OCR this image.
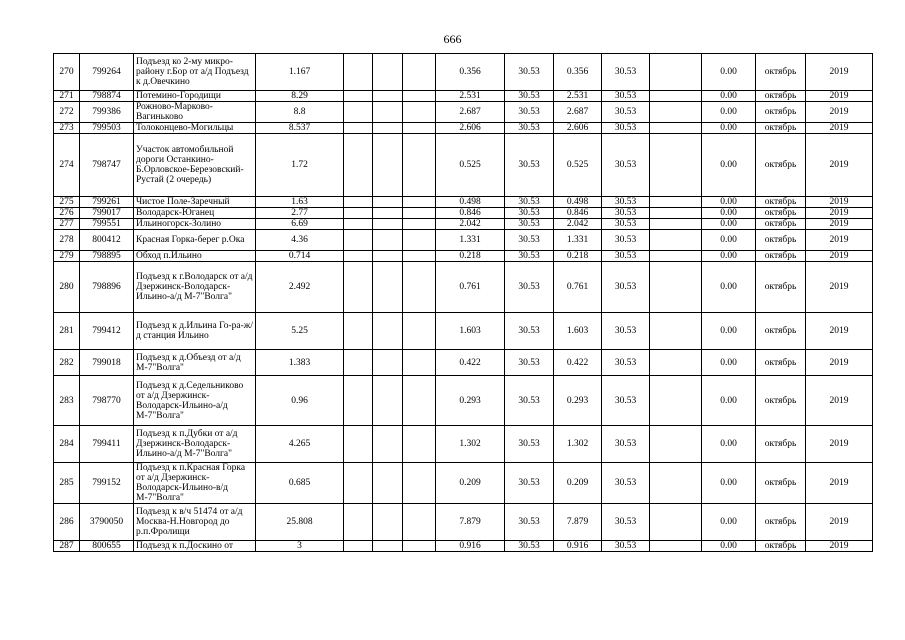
666
270	799264	Подъезд ко 2-му микро-району г.Бор от а/д Подъезд к д.Овечкино	1.167				0.356	30.53	0.356	30.53		0.00	октябрь	2019
271	798874	Потемино-Городищи	8.29				2.531	30.53	2.531	30.53		0.00	октябрь	2019
272	799386	Рожново-Марково-Вагиньково	8.8				2.687	30.53	2.687	30.53		0.00	октябрь	2019
273	799503	Толоконцево-Могильцы	8.537				2.606	30.53	2.606	30.53		0.00	октябрь	2019
274	798747	Участок автомобильной дороги Останкино-Б.Орловское-Березовский- Рустай (2 очередь)	1.72				0.525	30.53	0.525	30.53		0.00	октябрь	2019
275	799261	Чистое Поле-Заречный	1.63				0.498	30.53	0.498	30.53		0.00	октябрь	2019
276	799017	Володарск-Юганец	2.77				0.846	30.53	0.846	30.53		0.00	октябрь	2019
277	799551	Ильиногорск-Золино	6.69				2.042	30.53	2.042	30.53		0.00	октябрь	2019
278	800412	Красная Горка-берег р.Ока	4.36				1.331	30.53	1.331	30.53		0.00	октябрь	2019
279	798895	Обход п.Ильино	0.714				0.218	30.53	0.218	30.53		0.00	октябрь	2019
280	798896	Подъезд к г.Володарск от а/д Дзержинск-Володарск-Ильино-а/д М-7"Волга"	2.492				0.761	30.53	0.761	30.53		0.00	октябрь	2019
281	799412	Подъезд к д.Ильина Го-ра-ж/д станция Ильино	5.25				1.603	30.53	1.603	30.53		0.00	октябрь	2019
282	799018	Подъезд к д.Объезд от а/д М-7"Волга"	1.383				0.422	30.53	0.422	30.53		0.00	октябрь	2019
283	798770	Подъезд к д.Седельниково от а/д Дзержинск-Володарск-Ильино-а/д М-7"Волга"	0.96				0.293	30.53	0.293	30.53		0.00	октябрь	2019
284	799411	Подъезд к п.Дубки от а/д Дзержинск-Володарск-Ильино-а/д М-7"Волга"	4.265				1.302	30.53	1.302	30.53		0.00	октябрь	2019
285	799152	Подъезд к п.Красная Горка от а/д Дзержинск-Володарск-Ильино-в/д М-7"Волга"	0.685				0.209	30.53	0.209	30.53		0.00	октябрь	2019
286	3790050	Подъезд к в/ч 51474 от а/д Москва-Н.Новгород до р.п.Фролищи	25.808				7.879	30.53	7.879	30.53		0.00	октябрь	2019
287	800655	Подъезд к п.Доскино от	3				0.916	30.53	0.916	30.53		0.00	октябрь	2019
